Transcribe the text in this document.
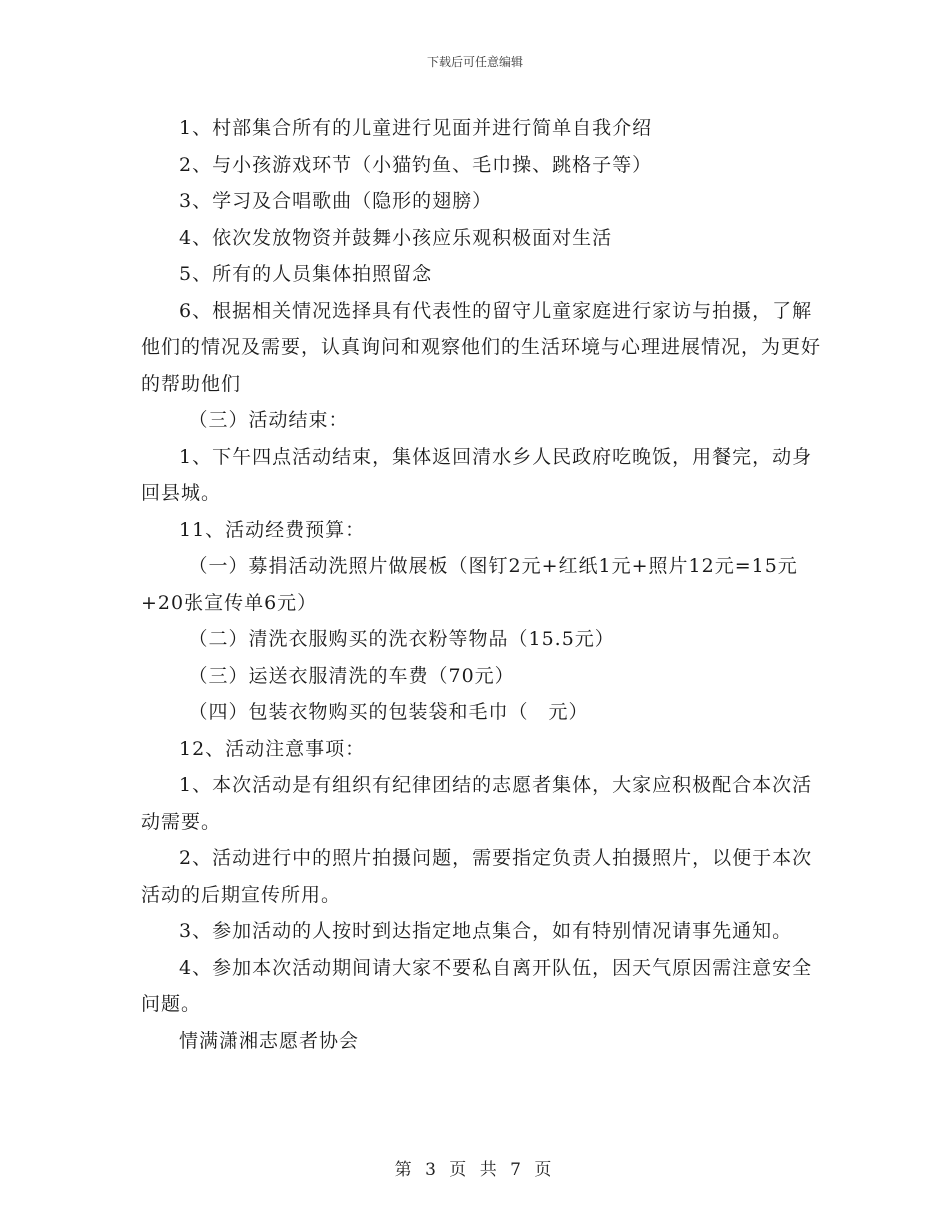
下载后可任意编辑

1、村部集合所有的儿童进行见面并进行简单自我介绍

2、与小孩游戏环节（小猫钓鱼、毛巾操、跳格子等）

3、学习及合唱歌曲（隐形的翅膀）

4、依次发放物资并鼓舞小孩应乐观积极面对生活

5、所有的人员集体拍照留念

6、根据相关情况选择具有代表性的留守儿童家庭进行家访与拍摄，了解他们的情况及需要，认真询问和观察他们的生活环境与心理进展情况，为更好的帮助他们

（三）活动结束：

1、下午四点活动结束，集体返回清水乡人民政府吃晚饭，用餐完，动身回县城。

11、活动经费预算：

（一）募捐活动洗照片做展板（图钉2元+红纸1元+照片12元=15元+20张宣传单6元）

（二）清洗衣服购买的洗衣粉等物品（15.5元）

（三）运送衣服清洗的车费（70元）

（四）包装衣物购买的包装袋和毛巾（　元）

12、活动注意事项：

1、本次活动是有组织有纪律团结的志愿者集体，大家应积极配合本次活动需要。

2、活动进行中的照片拍摄问题，需要指定负责人拍摄照片，以便于本次活动的后期宣传所用。

3、参加活动的人按时到达指定地点集合，如有特别情况请事先通知。

4、参加本次活动期间请大家不要私自离开队伍，因天气原因需注意安全问题。

情满潇湘志愿者协会

第 3 页 共 7 页
